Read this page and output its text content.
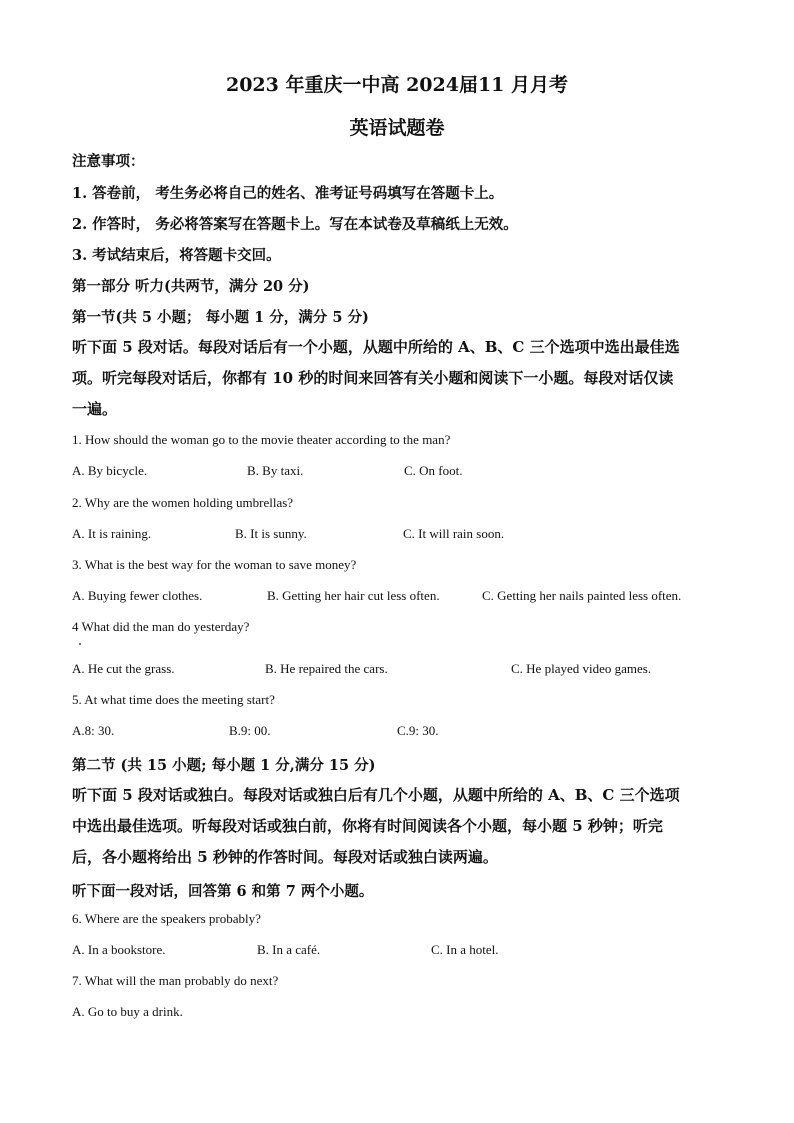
2023 年重庆一中高 2024届11 月月考
英语试题卷
注意事项：
1. 答卷前， 考生务必将自己的姓名、准考证号码填写在答题卡上。
2. 作答时， 务必将答案写在答题卡上。写在本试卷及草稿纸上无效。
3. 考试结束后，将答题卡交回。
第一部分 听力(共两节，满分 20 分)
第一节(共 5 小题； 每小题 1 分，满分 5 分)
听下面 5 段对话。每段对话后有一个小题，从题中所给的 A、B、C 三个选项中选出最佳选
项。听完每段对话后，你都有 10 秒的时间来回答有关小题和阅读下一小题。每段对话仅读
一遍。
1. How should the woman go to the movie theater according to the man?
A. By bicycle.	B. By taxi.	C. On foot.
2. Why are the women holding umbrellas?
A. It is raining.	B. It is sunny.	C. It will rain soon.
3. What is the best way for the woman to save money?
A. Buying fewer clothes.	B. Getting her hair cut less often.	C. Getting her nails painted less often.
4 What did the man do yesterday?
A. He cut the grass.	B. He repaired the cars.	C. He played video games.
5. At what time does the meeting start?
A.8: 30.	B.9: 00.	C.9: 30.
第二节 (共 15 小题; 每小题 1 分,满分 15 分)
听下面 5 段对话或独白。每段对话或独白后有几个小题，从题中所给的 A、B、C 三个选项
中选出最佳选项。听每段对话或独白前，你将有时间阅读各个小题，每小题 5 秒钟；听完
后，各小题将给出 5 秒钟的作答时间。每段对话或独白读两遍。
听下面一段对话，回答第 6 和第 7 两个小题。
6. Where are the speakers probably?
A. In a bookstore.	B. In a café.	C. In a hotel.
7. What will the man probably do next?
A. Go to buy a drink.
